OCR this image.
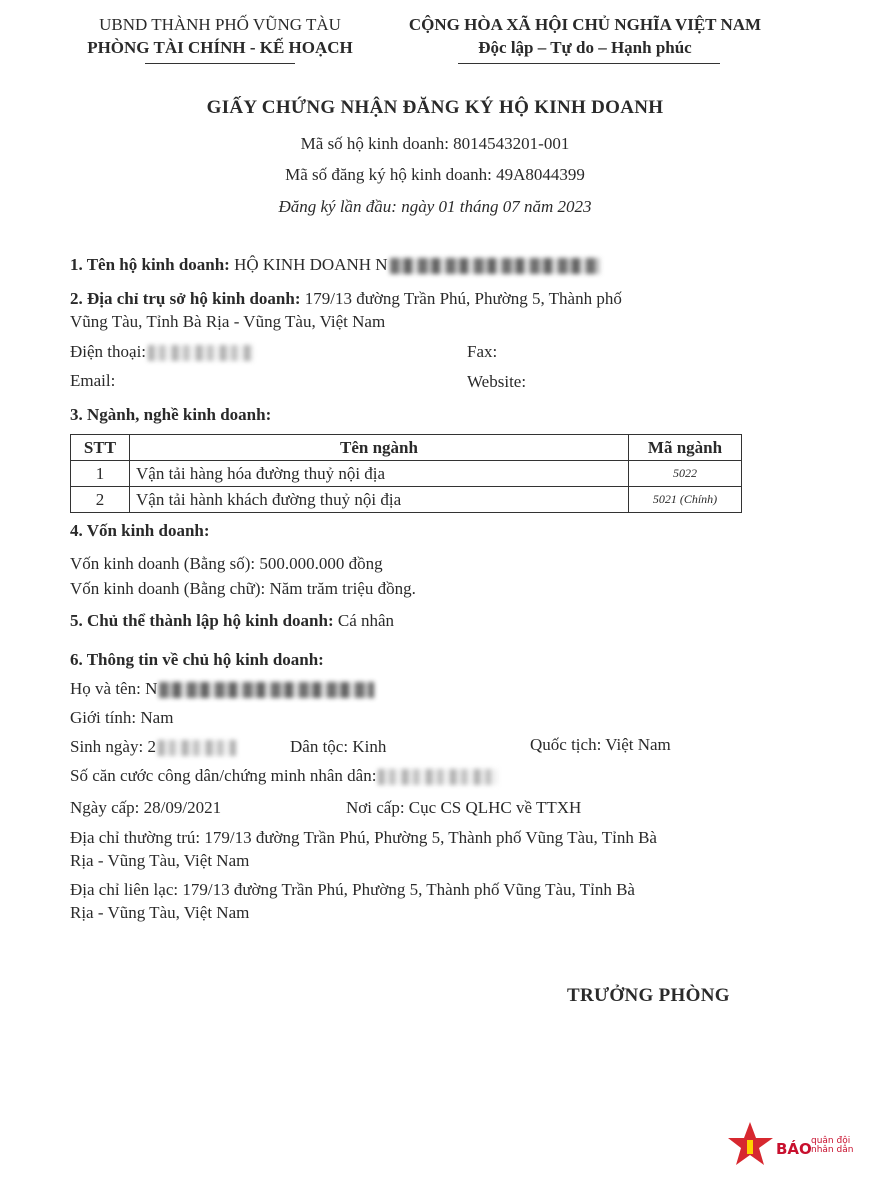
UBND THÀNH PHỐ VŨNG TÀU
PHÒNG TÀI CHÍNH - KẾ HOẠCH
CỘNG HÒA XÃ HỘI CHỦ NGHĨA VIỆT NAM
Độc lập – Tự do – Hạnh phúc
GIẤY CHỨNG NHẬN ĐĂNG KÝ HỘ KINH DOANH
Mã số hộ kinh doanh: 8014543201-001
Mã số đăng ký hộ kinh doanh: 49A8044399
Đăng ký lần đầu: ngày 01 tháng 07 năm 2023
1. Tên hộ kinh doanh: HỘ KINH DOANH N
2. Địa chỉ trụ sở hộ kinh doanh: 179/13 đường Trần Phú, Phường 5, Thành phố
Vũng Tàu, Tỉnh Bà Rịa - Vũng Tàu, Việt Nam
Điện thoại:	Fax:
Email:	Website:
3. Ngành, nghề kinh doanh:
STT	Tên ngành	Mã ngành
1	Vận tải hàng hóa đường thuỷ nội địa	5022
2	Vận tải hành khách đường thuỷ nội địa	5021 (Chính)
4. Vốn kinh doanh:
Vốn kinh doanh (Bằng số): 500.000.000 đồng
Vốn kinh doanh (Bằng chữ): Năm trăm triệu đồng.
5. Chủ thể thành lập hộ kinh doanh: Cá nhân
6. Thông tin về chủ hộ kinh doanh:
Họ và tên: N
Giới tính: Nam
Sinh ngày: 2	Dân tộc: Kinh	Quốc tịch: Việt Nam
Số căn cước công dân/chứng minh nhân dân:
Ngày cấp: 28/09/2021	Nơi cấp: Cục CS QLHC về TTXH
Địa chỉ thường trú: 179/13 đường Trần Phú, Phường 5, Thành phố Vũng Tàu, Tỉnh Bà
Rịa - Vũng Tàu, Việt Nam
Địa chỉ liên lạc: 179/13 đường Trần Phú, Phường 5, Thành phố Vũng Tàu, Tỉnh Bà
Rịa - Vũng Tàu, Việt Nam
TRƯỞNG PHÒNG
BÁO quân đội
nhân dân
